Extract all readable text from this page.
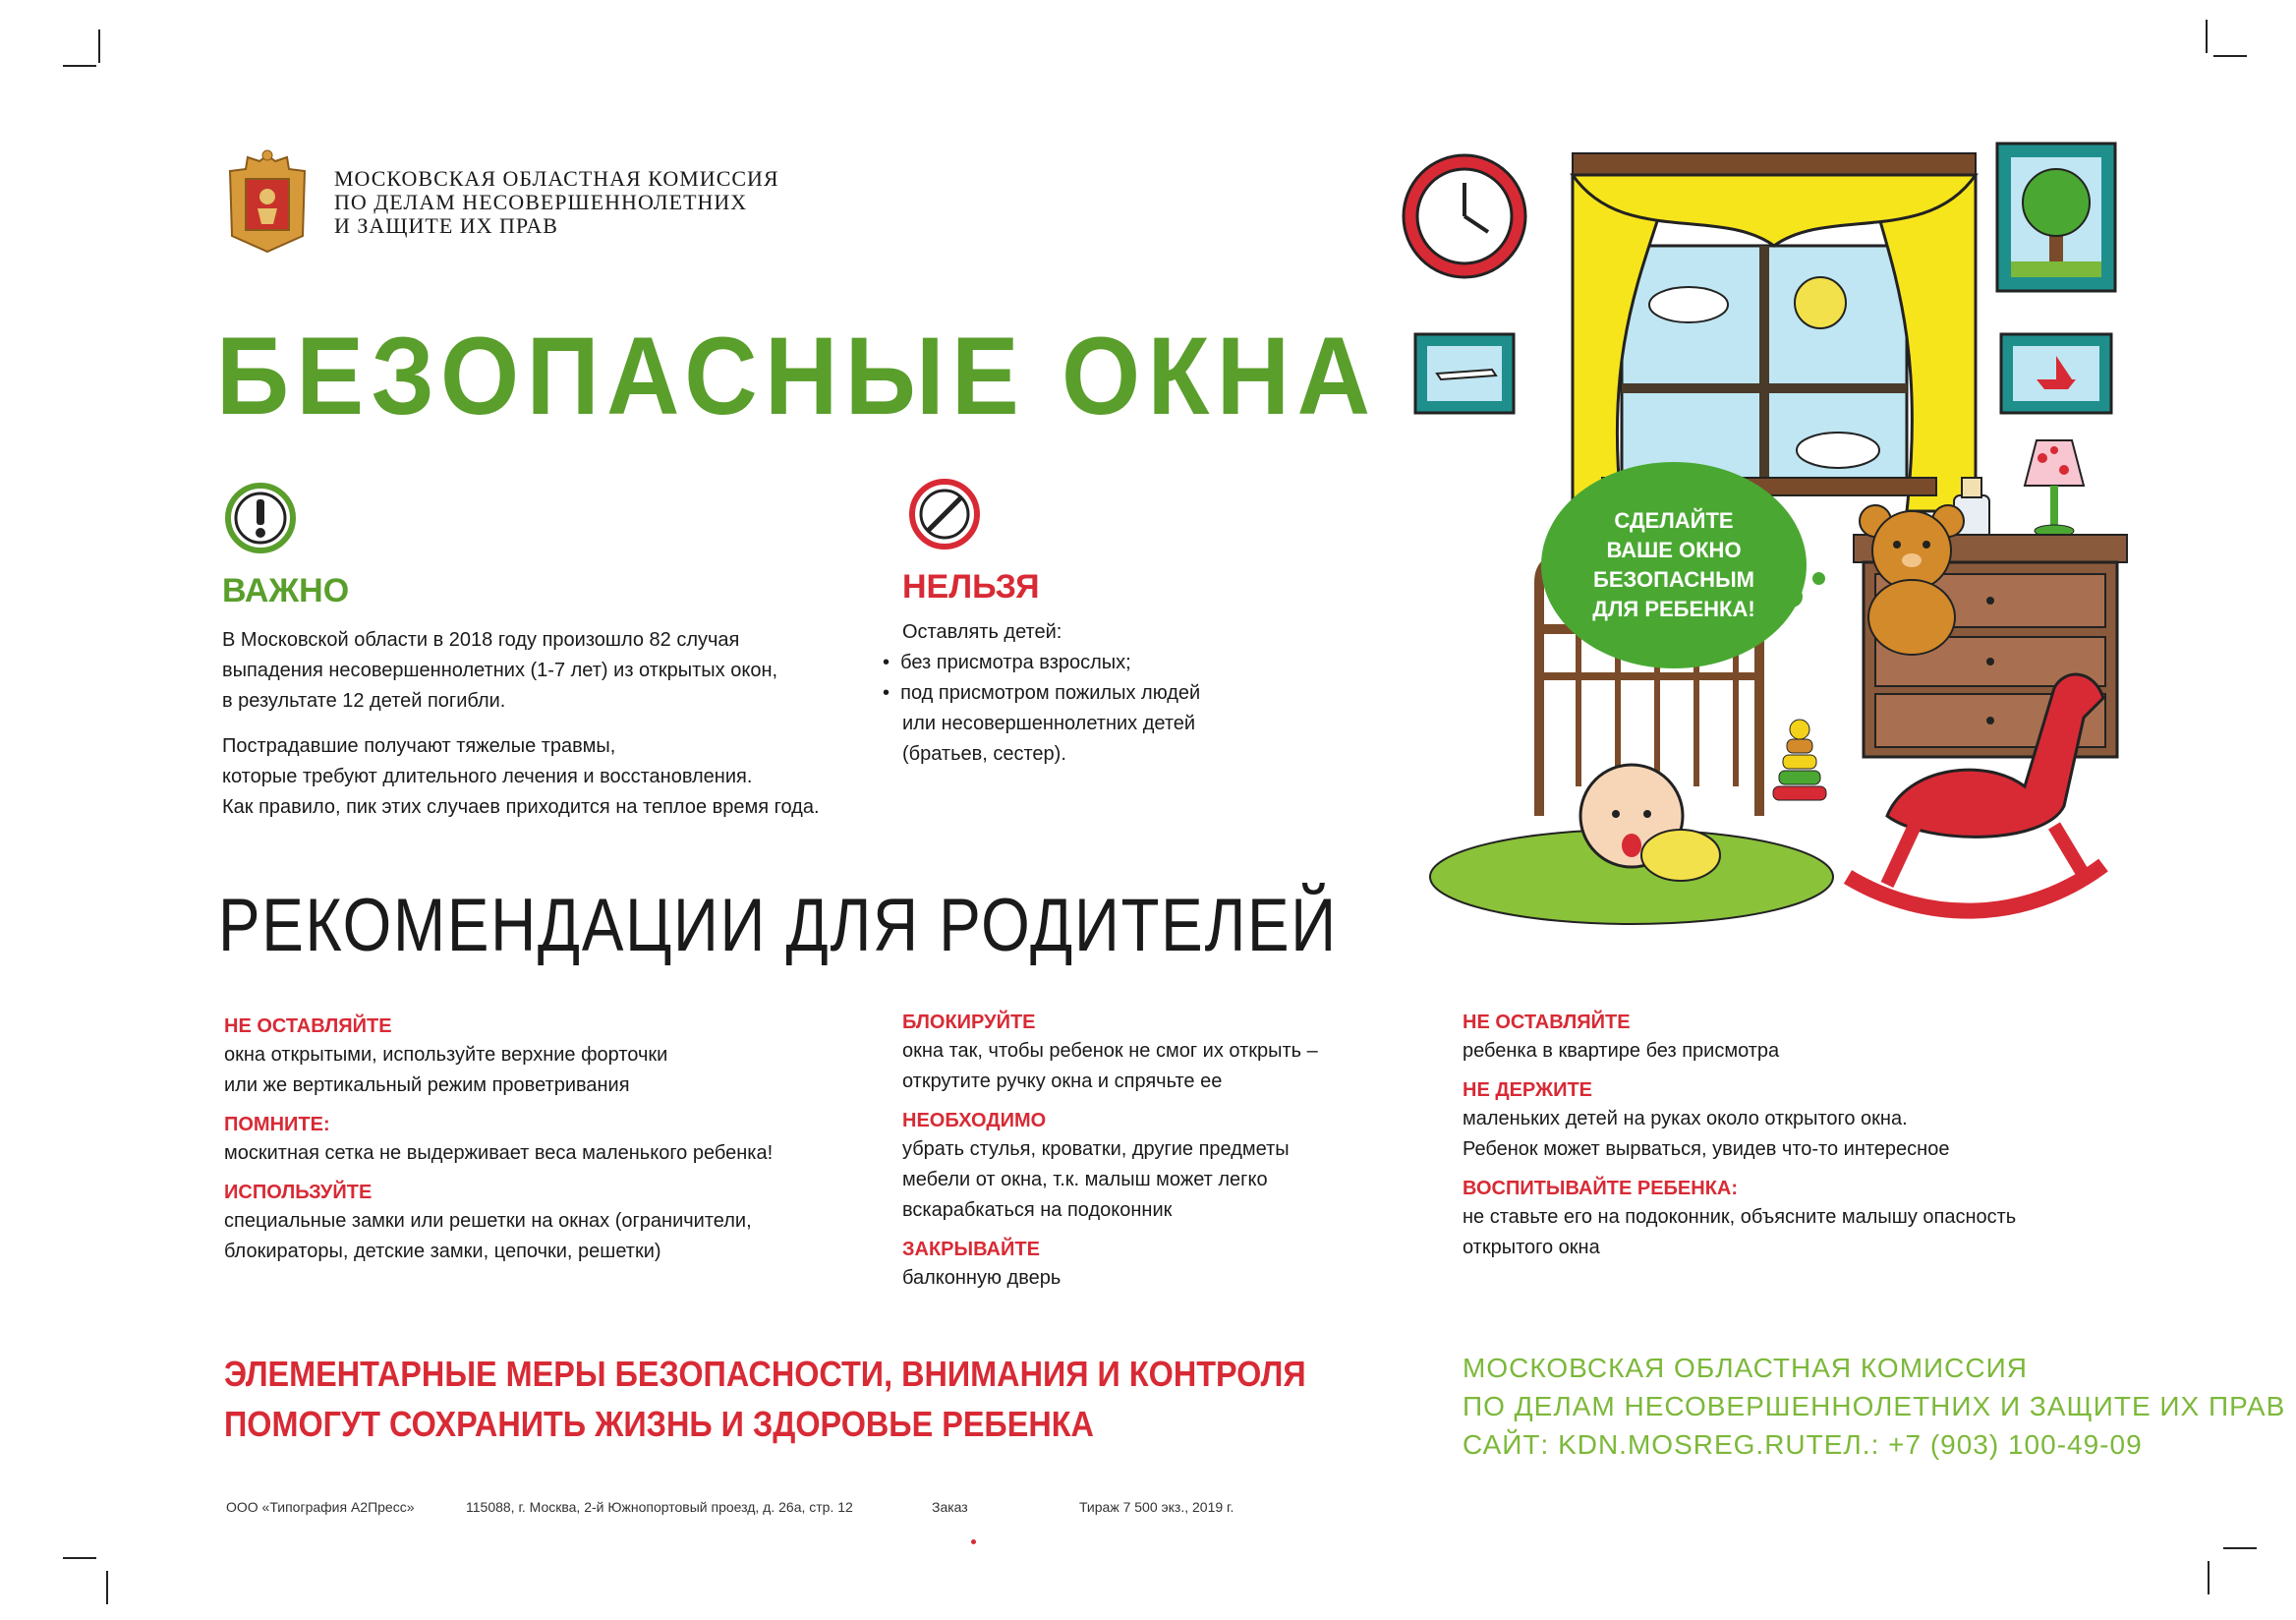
МОСКОВСКАЯ ОБЛАСТНАЯ КОМИССИЯ
ПО ДЕЛАМ НЕСОВЕРШЕННОЛЕТНИХ
И ЗАЩИТЕ ИХ ПРАВ
БЕЗОПАСНЫЕ ОКНА
ВАЖНО
В Московской области в 2018 году произошло 82 случая
выпадения несовершеннолетних (1-7 лет) из открытых окон,
в результате 12 детей погибли.
Пострадавшие получают тяжелые травмы,
которые требуют длительного лечения и восстановления.
Как правило, пик этих случаев приходится на теплое время года.
НЕЛЬЗЯ
Оставлять детей:
•  без присмотра взрослых;
•  под присмотром пожилых людей
или несовершеннолетних детей
(братьев, сестер).
СДЕЛАЙТЕ
ВАШЕ ОКНО
БЕЗОПАСНЫМ
ДЛЯ РЕБЕНКА!
РЕКОМЕНДАЦИИ ДЛЯ РОДИТЕЛЕЙ
НЕ ОСТАВЛЯЙТЕ
окна открытыми, используйте верхние форточки
или же вертикальный режим проветривания
ПОМНИТЕ:
москитная сетка не выдерживает веса маленького ребенка!
ИСПОЛЬЗУЙТЕ
специальные замки или решетки на окнах (ограничители,
блокираторы, детские замки, цепочки, решетки)
БЛОКИРУЙТЕ
окна так, чтобы ребенок не смог их открыть –
открутите ручку окна и спрячьте ее
НЕОБХОДИМО
убрать стулья, кроватки, другие предметы
мебели от окна, т.к. малыш может легко
вскарабкаться на подоконник
ЗАКРЫВАЙТЕ
балконную дверь
НЕ ОСТАВЛЯЙТЕ
ребенка в квартире без присмотра
НЕ ДЕРЖИТЕ
маленьких детей на руках около открытого окна.
Ребенок может вырваться, увидев что-то интересное
ВОСПИТЫВАЙТЕ РЕБЕНКА:
не ставьте его на подоконник, объясните малышу опасность
открытого окна
ЭЛЕМЕНТАРНЫЕ МЕРЫ БЕЗОПАСНОСТИ, ВНИМАНИЯ И КОНТРОЛЯ
ПОМОГУТ СОХРАНИТЬ ЖИЗНЬ И ЗДОРОВЬЕ РЕБЕНКА
МОСКОВСКАЯ ОБЛАСТНАЯ КОМИССИЯ
ПО ДЕЛАМ НЕСОВЕРШЕННОЛЕТНИХ И ЗАЩИТЕ ИХ ПРАВ
САЙТ: KDN.MOSREG.RU ТЕЛ.: +7 (903) 100-49-09
ООО «Типография А2Пресс»	115088, г. Москва, 2-й Южнопортовый проезд, д. 26а, стр. 12	Заказ	Тираж 7 500 экз., 2019 г.
